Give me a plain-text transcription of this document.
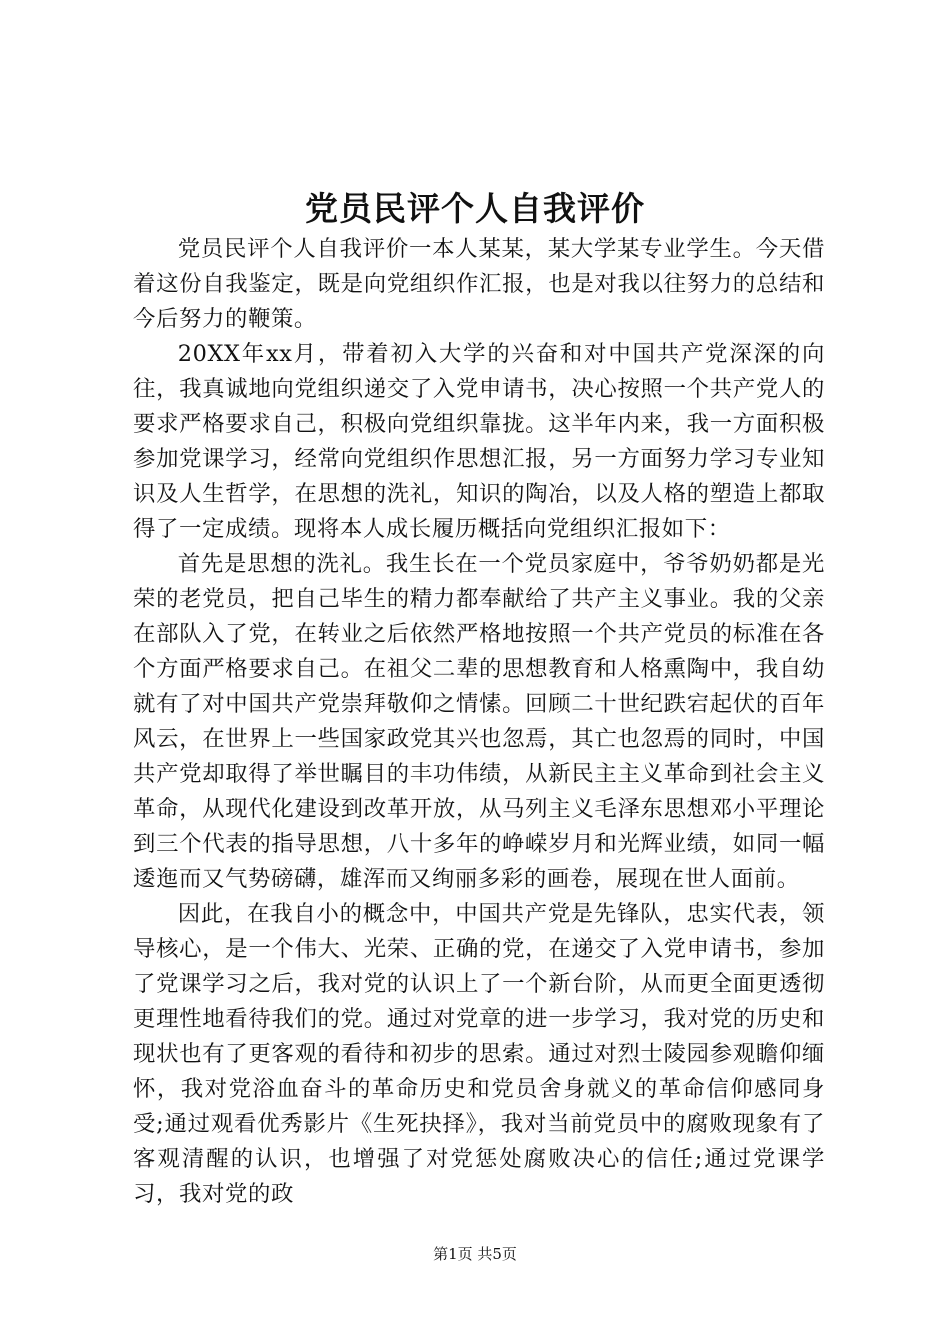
党员民评个人自我评价

党员民评个人自我评价一本人某某，某大学某专业学生。今天借着这份自我鉴定，既是向党组织作汇报，也是对我以往努力的总结和今后努力的鞭策。

20XX年xx月，带着初入大学的兴奋和对中国共产党深深的向往，我真诚地向党组织递交了入党申请书，决心按照一个共产党人的要求严格要求自己，积极向党组织靠拢。这半年内来，我一方面积极参加党课学习，经常向党组织作思想汇报，另一方面努力学习专业知识及人生哲学，在思想的洗礼，知识的陶冶，以及人格的塑造上都取得了一定成绩。现将本人成长履历概括向党组织汇报如下：

首先是思想的洗礼。我生长在一个党员家庭中，爷爷奶奶都是光荣的老党员，把自己毕生的精力都奉献给了共产主义事业。我的父亲在部队入了党，在转业之后依然严格地按照一个共产党员的标准在各个方面严格要求自己。在祖父二辈的思想教育和人格熏陶中，我自幼就有了对中国共产党崇拜敬仰之情愫。回顾二十世纪跌宕起伏的百年风云，在世界上一些国家政党其兴也忽焉，其亡也忽焉的同时，中国共产党却取得了举世瞩目的丰功伟绩，从新民主主义革命到社会主义革命，从现代化建设到改革开放，从马列主义毛泽东思想邓小平理论到三个代表的指导思想，八十多年的峥嵘岁月和光辉业绩，如同一幅逶迤而又气势磅礴，雄浑而又绚丽多彩的画卷，展现在世人面前。

因此，在我自小的概念中，中国共产党是先锋队，忠实代表，领导核心，是一个伟大、光荣、正确的党，在递交了入党申请书，参加了党课学习之后，我对党的认识上了一个新台阶，从而更全面更透彻更理性地看待我们的党。通过对党章的进一步学习，我对党的历史和现状也有了更客观的看待和初步的思索。通过对烈士陵园参观瞻仰缅怀，我对党浴血奋斗的革命历史和党员舍身就义的革命信仰感同身受;通过观看优秀影片《生死抉择》，我对当前党员中的腐败现象有了客观清醒的认识，也增强了对党惩处腐败决心的信任;通过党课学习，我对党的政

第1页 共5页
